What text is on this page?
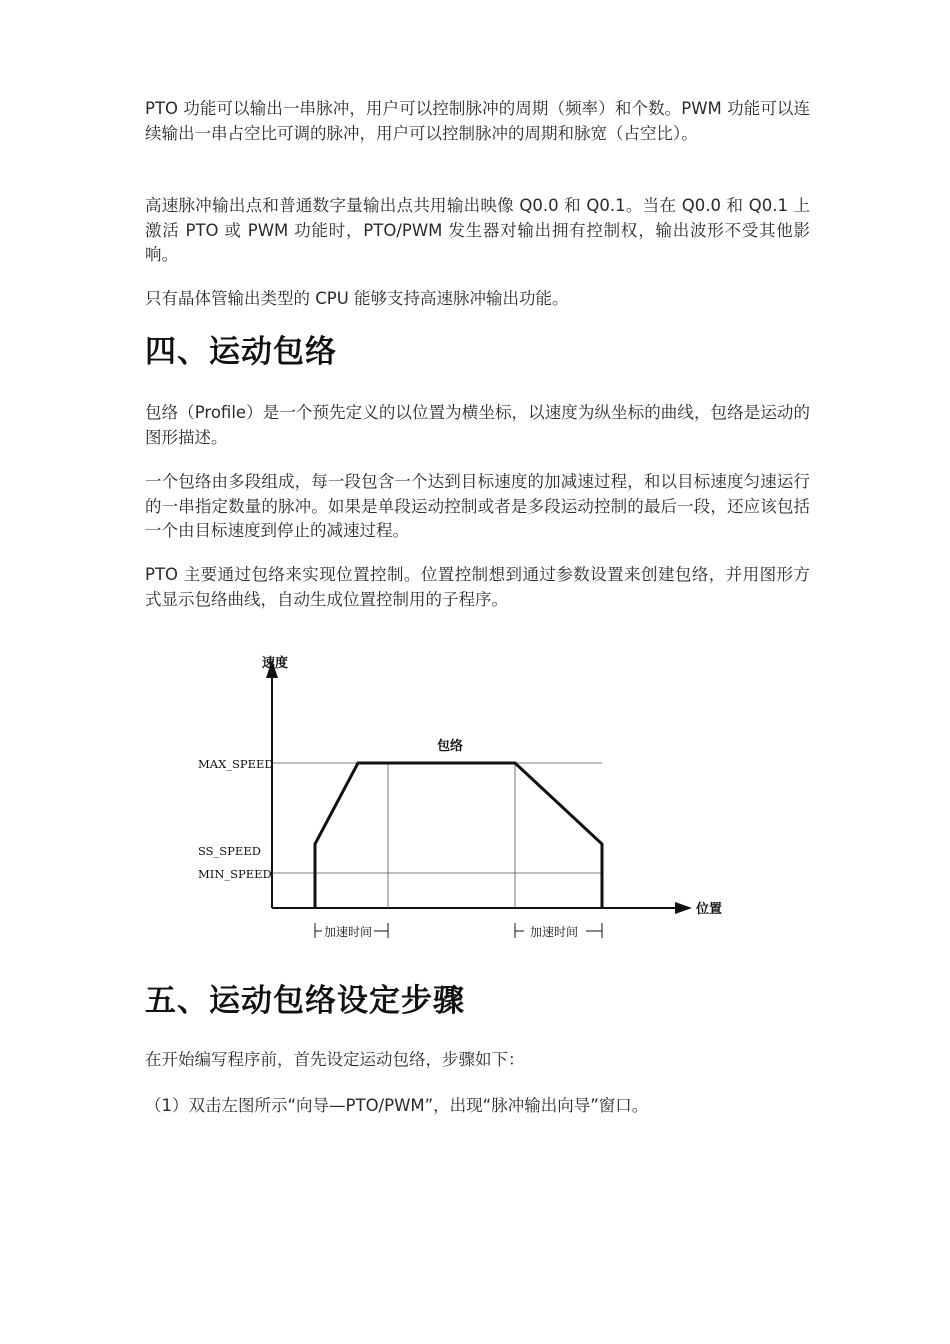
PTO 功能可以输出一串脉冲，用户可以控制脉冲的周期（频率）和个数。PWM 功能可以连续输出一串占空比可调的脉冲，用户可以控制脉冲的周期和脉宽（占空比）。

高速脉冲输出点和普通数字量输出点共用输出映像 Q0.0 和 Q0.1。当在 Q0.0 和 Q0.1 上激活 PTO 或 PWM 功能时，PTO/PWM 发生器对输出拥有控制权，输出波形不受其他影响。

只有晶体管输出类型的 CPU 能够支持高速脉冲输出功能。

四、运动包络

包络（Profile）是一个预先定义的以位置为横坐标，以速度为纵坐标的曲线，包络是运动的图形描述。

一个包络由多段组成，每一段包含一个达到目标速度的加减速过程，和以目标速度匀速运行的一串指定数量的脉冲。如果是单段运动控制或者是多段运动控制的最后一段，还应该包括一个由目标速度到停止的减速过程。

PTO 主要通过包络来实现位置控制。位置控制想到通过参数设置来创建包络，并用图形方式显示包络曲线，自动生成位置控制用的子程序。

速度
位置
包络
MAX_SPEED
SS_SPEED
MIN_SPEED
加速时间	加速时间
五、运动包络设定步骤

在开始编写程序前，首先设定运动包络，步骤如下：

（1）双击左图所示“向导—PTO/PWM”，出现“脉冲输出向导”窗口。
